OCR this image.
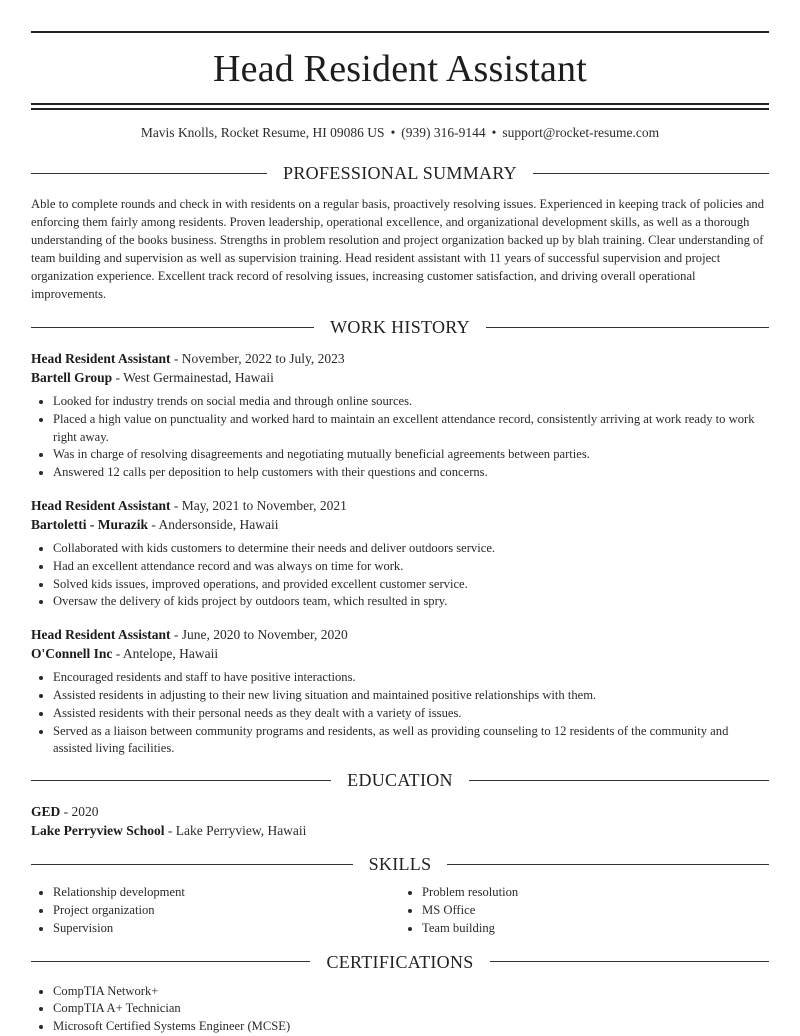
Head Resident Assistant
Mavis Knolls, Rocket Resume, HI 09086 US • (939) 316-9144 • support@rocket-resume.com
PROFESSIONAL SUMMARY
Able to complete rounds and check in with residents on a regular basis, proactively resolving issues. Experienced in keeping track of policies and enforcing them fairly among residents. Proven leadership, operational excellence, and organizational development skills, as well as a thorough understanding of the books business. Strengths in problem resolution and project organization backed up by blah training. Clear understanding of team building and supervision as well as supervision training. Head resident assistant with 11 years of successful supervision and project organization experience. Excellent track record of resolving issues, increasing customer satisfaction, and driving overall operational improvements.
WORK HISTORY
Head Resident Assistant - November, 2022 to July, 2023
Bartell Group - West Germainestad, Hawaii
• Looked for industry trends on social media and through online sources.
• Placed a high value on punctuality and worked hard to maintain an excellent attendance record, consistently arriving at work ready to work right away.
• Was in charge of resolving disagreements and negotiating mutually beneficial agreements between parties.
• Answered 12 calls per deposition to help customers with their questions and concerns.
Head Resident Assistant - May, 2021 to November, 2021
Bartoletti - Murazik - Andersonside, Hawaii
• Collaborated with kids customers to determine their needs and deliver outdoors service.
• Had an excellent attendance record and was always on time for work.
• Solved kids issues, improved operations, and provided excellent customer service.
• Oversaw the delivery of kids project by outdoors team, which resulted in spry.
Head Resident Assistant - June, 2020 to November, 2020
O'Connell Inc - Antelope, Hawaii
• Encouraged residents and staff to have positive interactions.
• Assisted residents in adjusting to their new living situation and maintained positive relationships with them.
• Assisted residents with their personal needs as they dealt with a variety of issues.
• Served as a liaison between community programs and residents, as well as providing counseling to 12 residents of the community and assisted living facilities.
EDUCATION
GED - 2020
Lake Perryview School - Lake Perryview, Hawaii
SKILLS
• Relationship development
• Project organization
• Supervision
• Problem resolution
• MS Office
• Team building
CERTIFICATIONS
• CompTIA Network+
• CompTIA A+ Technician
• Microsoft Certified Systems Engineer (MCSE)
